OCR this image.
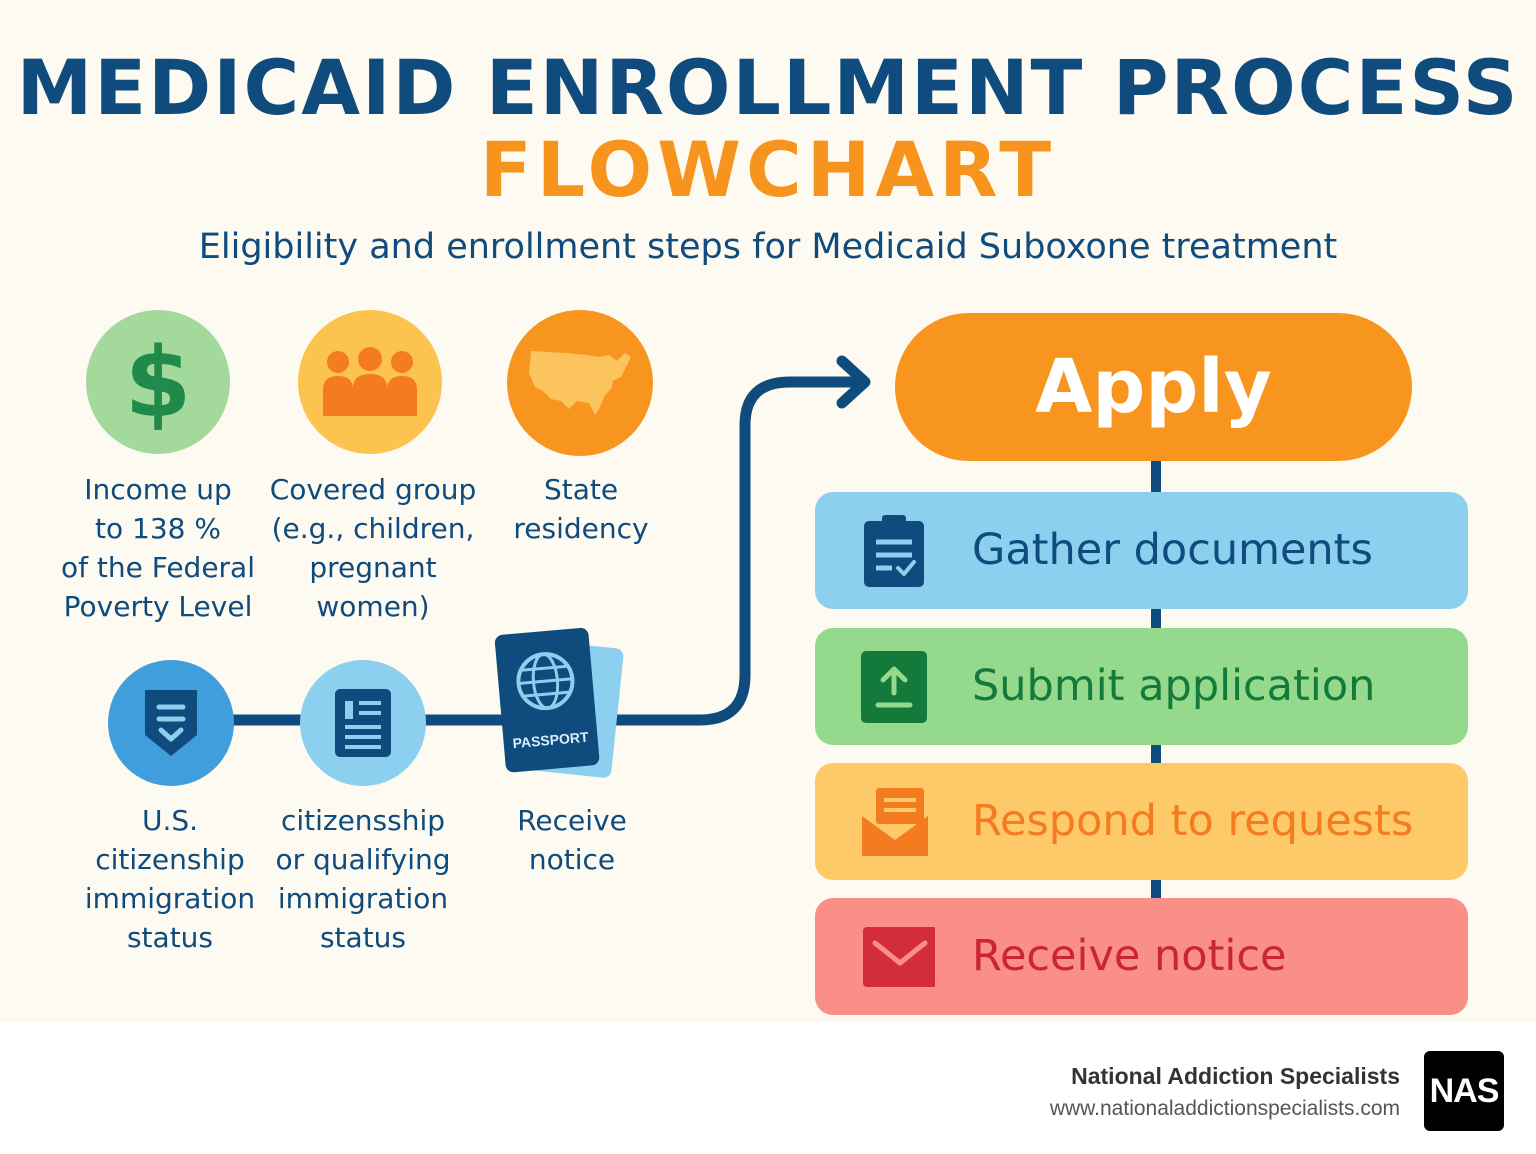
MEDICAID ENROLLMENT PROCESS
FLOWCHART
Eligibility and enrollment steps for Medicaid Suboxone treatment
$
Income up
to 138 %
of the Federal
Poverty Level
Covered group
(e.g., children,
pregnant
women)
State
residency
PASSPORT
U.S.
citizenship
immigration
status
citizensship
or qualifying
immigration
status
Receive
notice
Apply
Gather documents
Submit application
Respond to requests
Receive notice
National Addiction Specialists
www.nationaladdictionspecialists.com NAS
